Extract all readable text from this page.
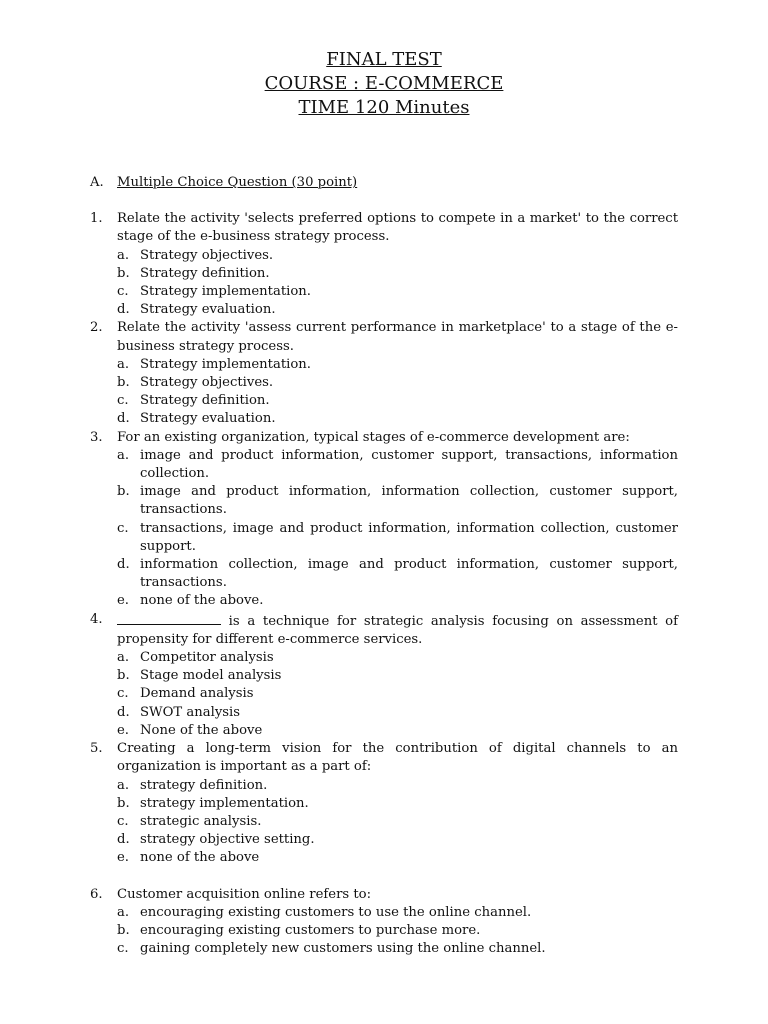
FINAL TEST
COURSE : E-COMMERCE
TIME 120 Minutes
A.	Multiple Choice Question (30 point)
1.	Relate the activity 'selects preferred options to compete in a market' to the correct stage of the e-business strategy process.
a. Strategy objectives.
b. Strategy definition.
c. Strategy implementation.
d. Strategy evaluation.
2.	Relate the activity 'assess current performance in marketplace' to a stage of the e-business strategy process.
a. Strategy implementation.
b. Strategy objectives.
c. Strategy definition.
d. Strategy evaluation.
3.	For an existing organization, typical stages of e-commerce development are:
a. image and product information, customer support, transactions, information collection.
b. image and product information, information collection, customer support, transactions.
c. transactions, image and product information, information collection, customer support.
d. information collection, image and product information, customer support, transactions.
e. none of the above.
4.	is a technique for strategic analysis focusing on assessment of propensity for different e-commerce services.
a. Competitor analysis
b. Stage model analysis
c. Demand analysis
d. SWOT analysis
e. None of the above
5.	Creating a long-term vision for the contribution of digital channels to an organization is important as a part of:
a. strategy definition.
b. strategy implementation.
c. strategic analysis.
d. strategy objective setting.
e. none of the above
6.	Customer acquisition online refers to:
a. encouraging existing customers to use the online channel.
b. encouraging existing customers to purchase more.
c. gaining completely new customers using the online channel.
